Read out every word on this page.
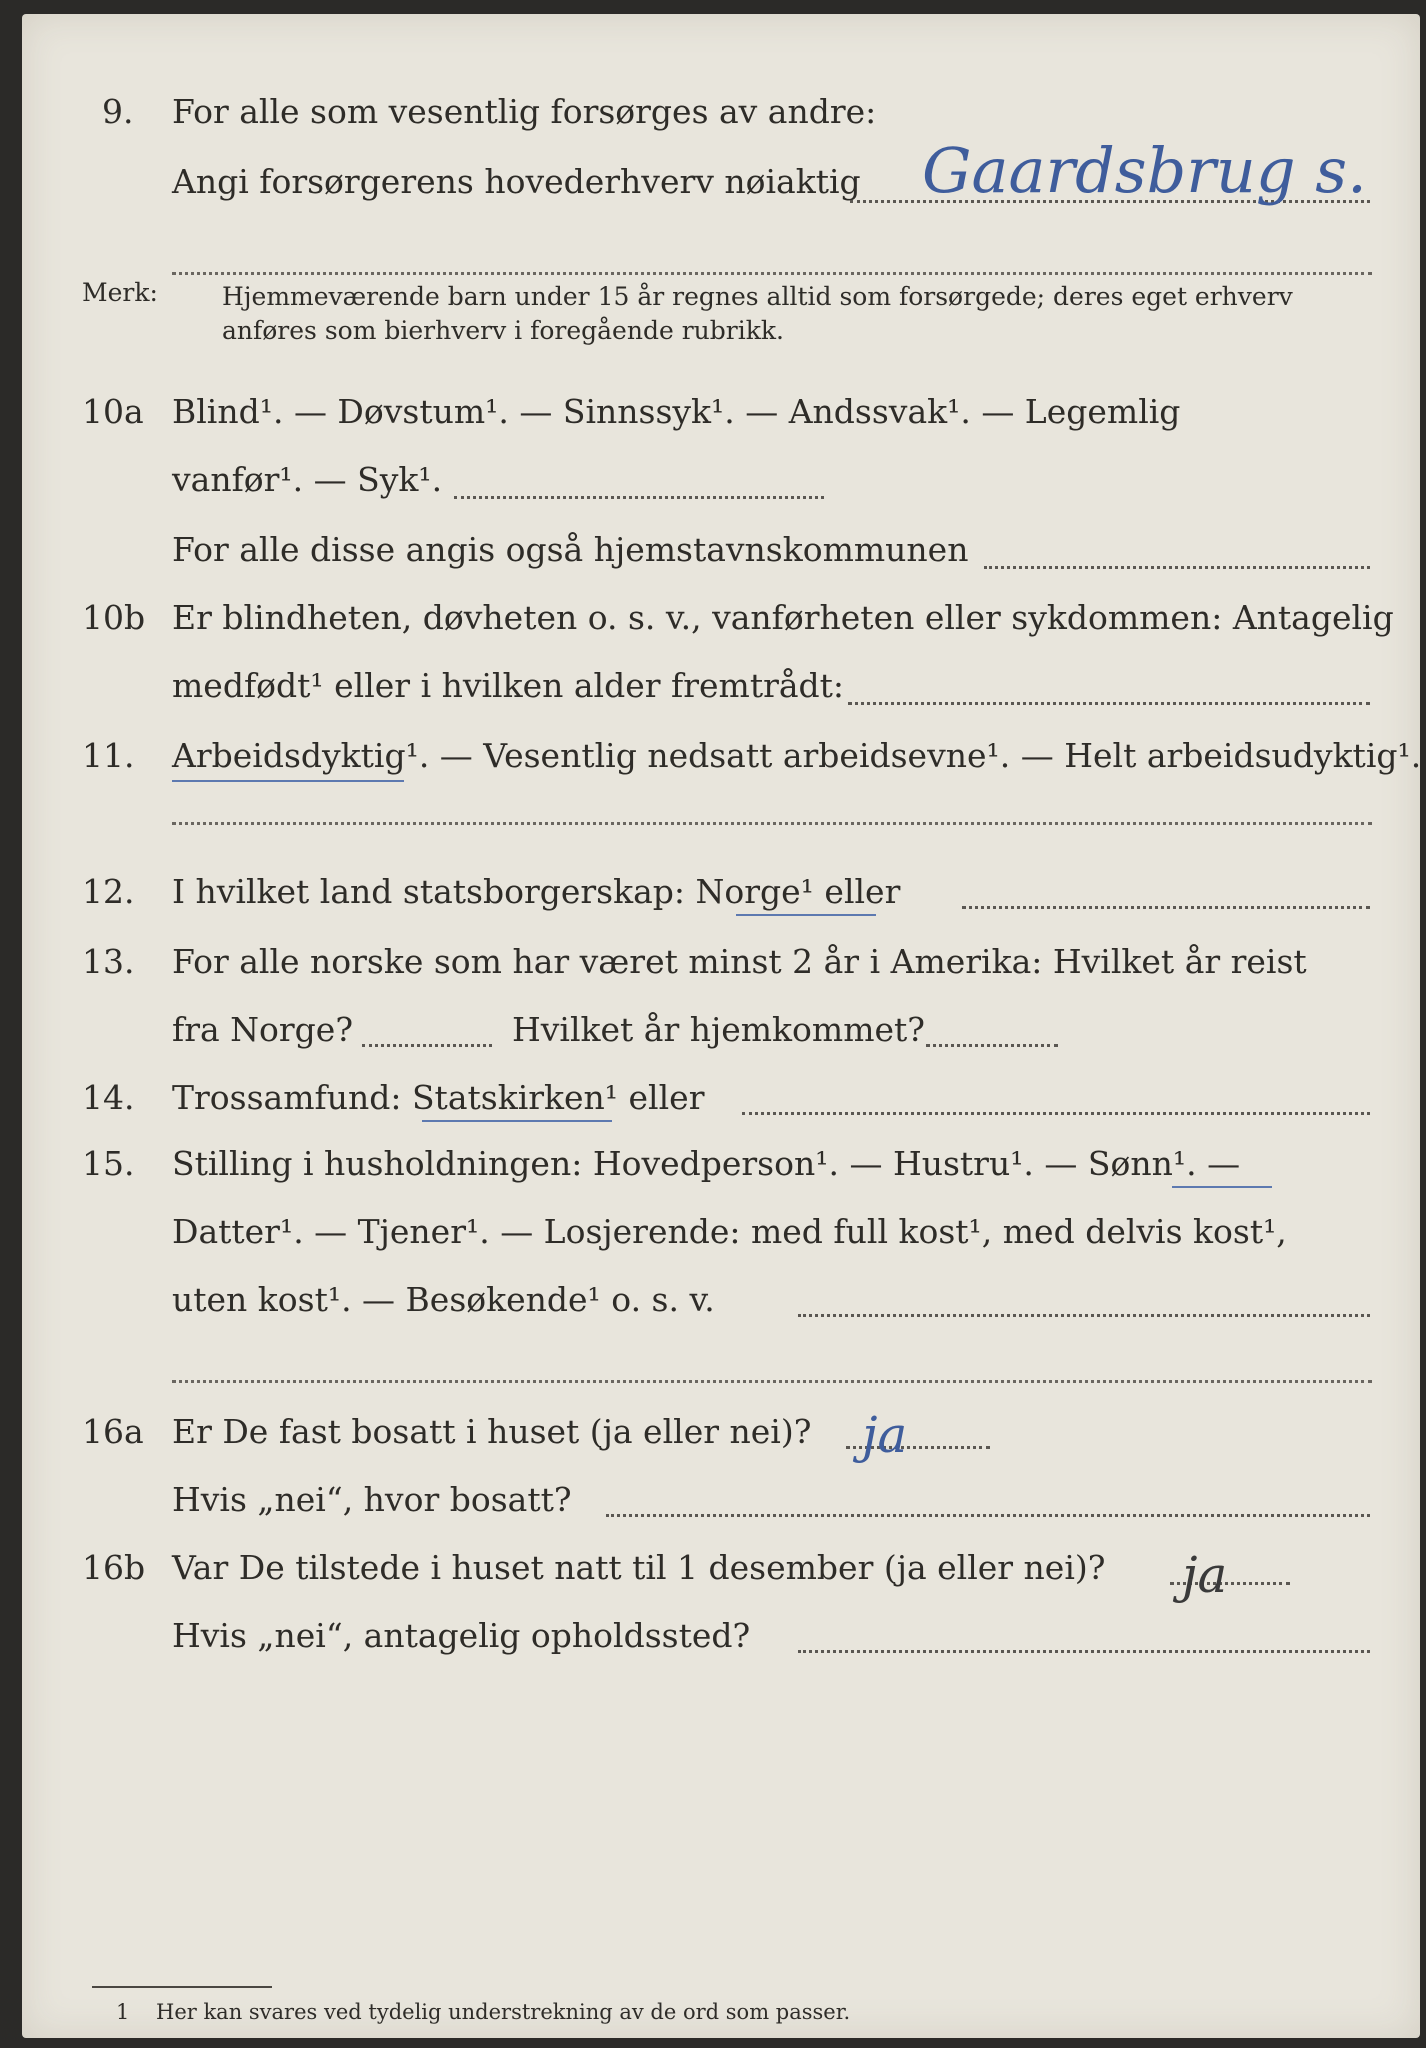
9. For alle som vesentlig forsørges av andre:
Angi forsørgerens hovederhverv nøiaktig Gaardsbrug s.
Merk:	Hjemmeværende barn under 15 år regnes alltid som forsørgede; deres eget erhverv
anføres som bierhverv i foregående rubrikk.
10a Blind¹. — Døvstum¹. — Sinnssyk¹. — Andssvak¹. — Legemlig
vanfør¹. — Syk¹.
For alle disse angis også hjemstavnskommunen
10b Er blindheten, døvheten o. s. v., vanførheten eller sykdommen: Antagelig
medfødt¹ eller i hvilken alder fremtrådt:
11. Arbeidsdyktig¹. — Vesentlig nedsatt arbeidsevne¹. — Helt arbeidsudyktig¹.
12. I hvilket land statsborgerskap: Norge¹ eller
13. For alle norske som har været minst 2 år i Amerika: Hvilket år reist
fra Norge?	Hvilket år hjemkommet?
14. Trossamfund: Statskirken¹ eller
15. Stilling i husholdningen: Hovedperson¹. — Hustru¹. — Sønn¹. —
Datter¹. — Tjener¹. — Losjerende: med full kost¹, med delvis kost¹,
uten kost¹. — Besøkende¹ o. s. v.
16a Er De fast bosatt i huset (ja eller nei)? ja
Hvis „nei“, hvor bosatt?
16b Var De tilstede i huset natt til 1 desember (ja eller nei)? ja
Hvis „nei“, antagelig opholdssted?
1 Her kan svares ved tydelig understrekning av de ord som passer.
